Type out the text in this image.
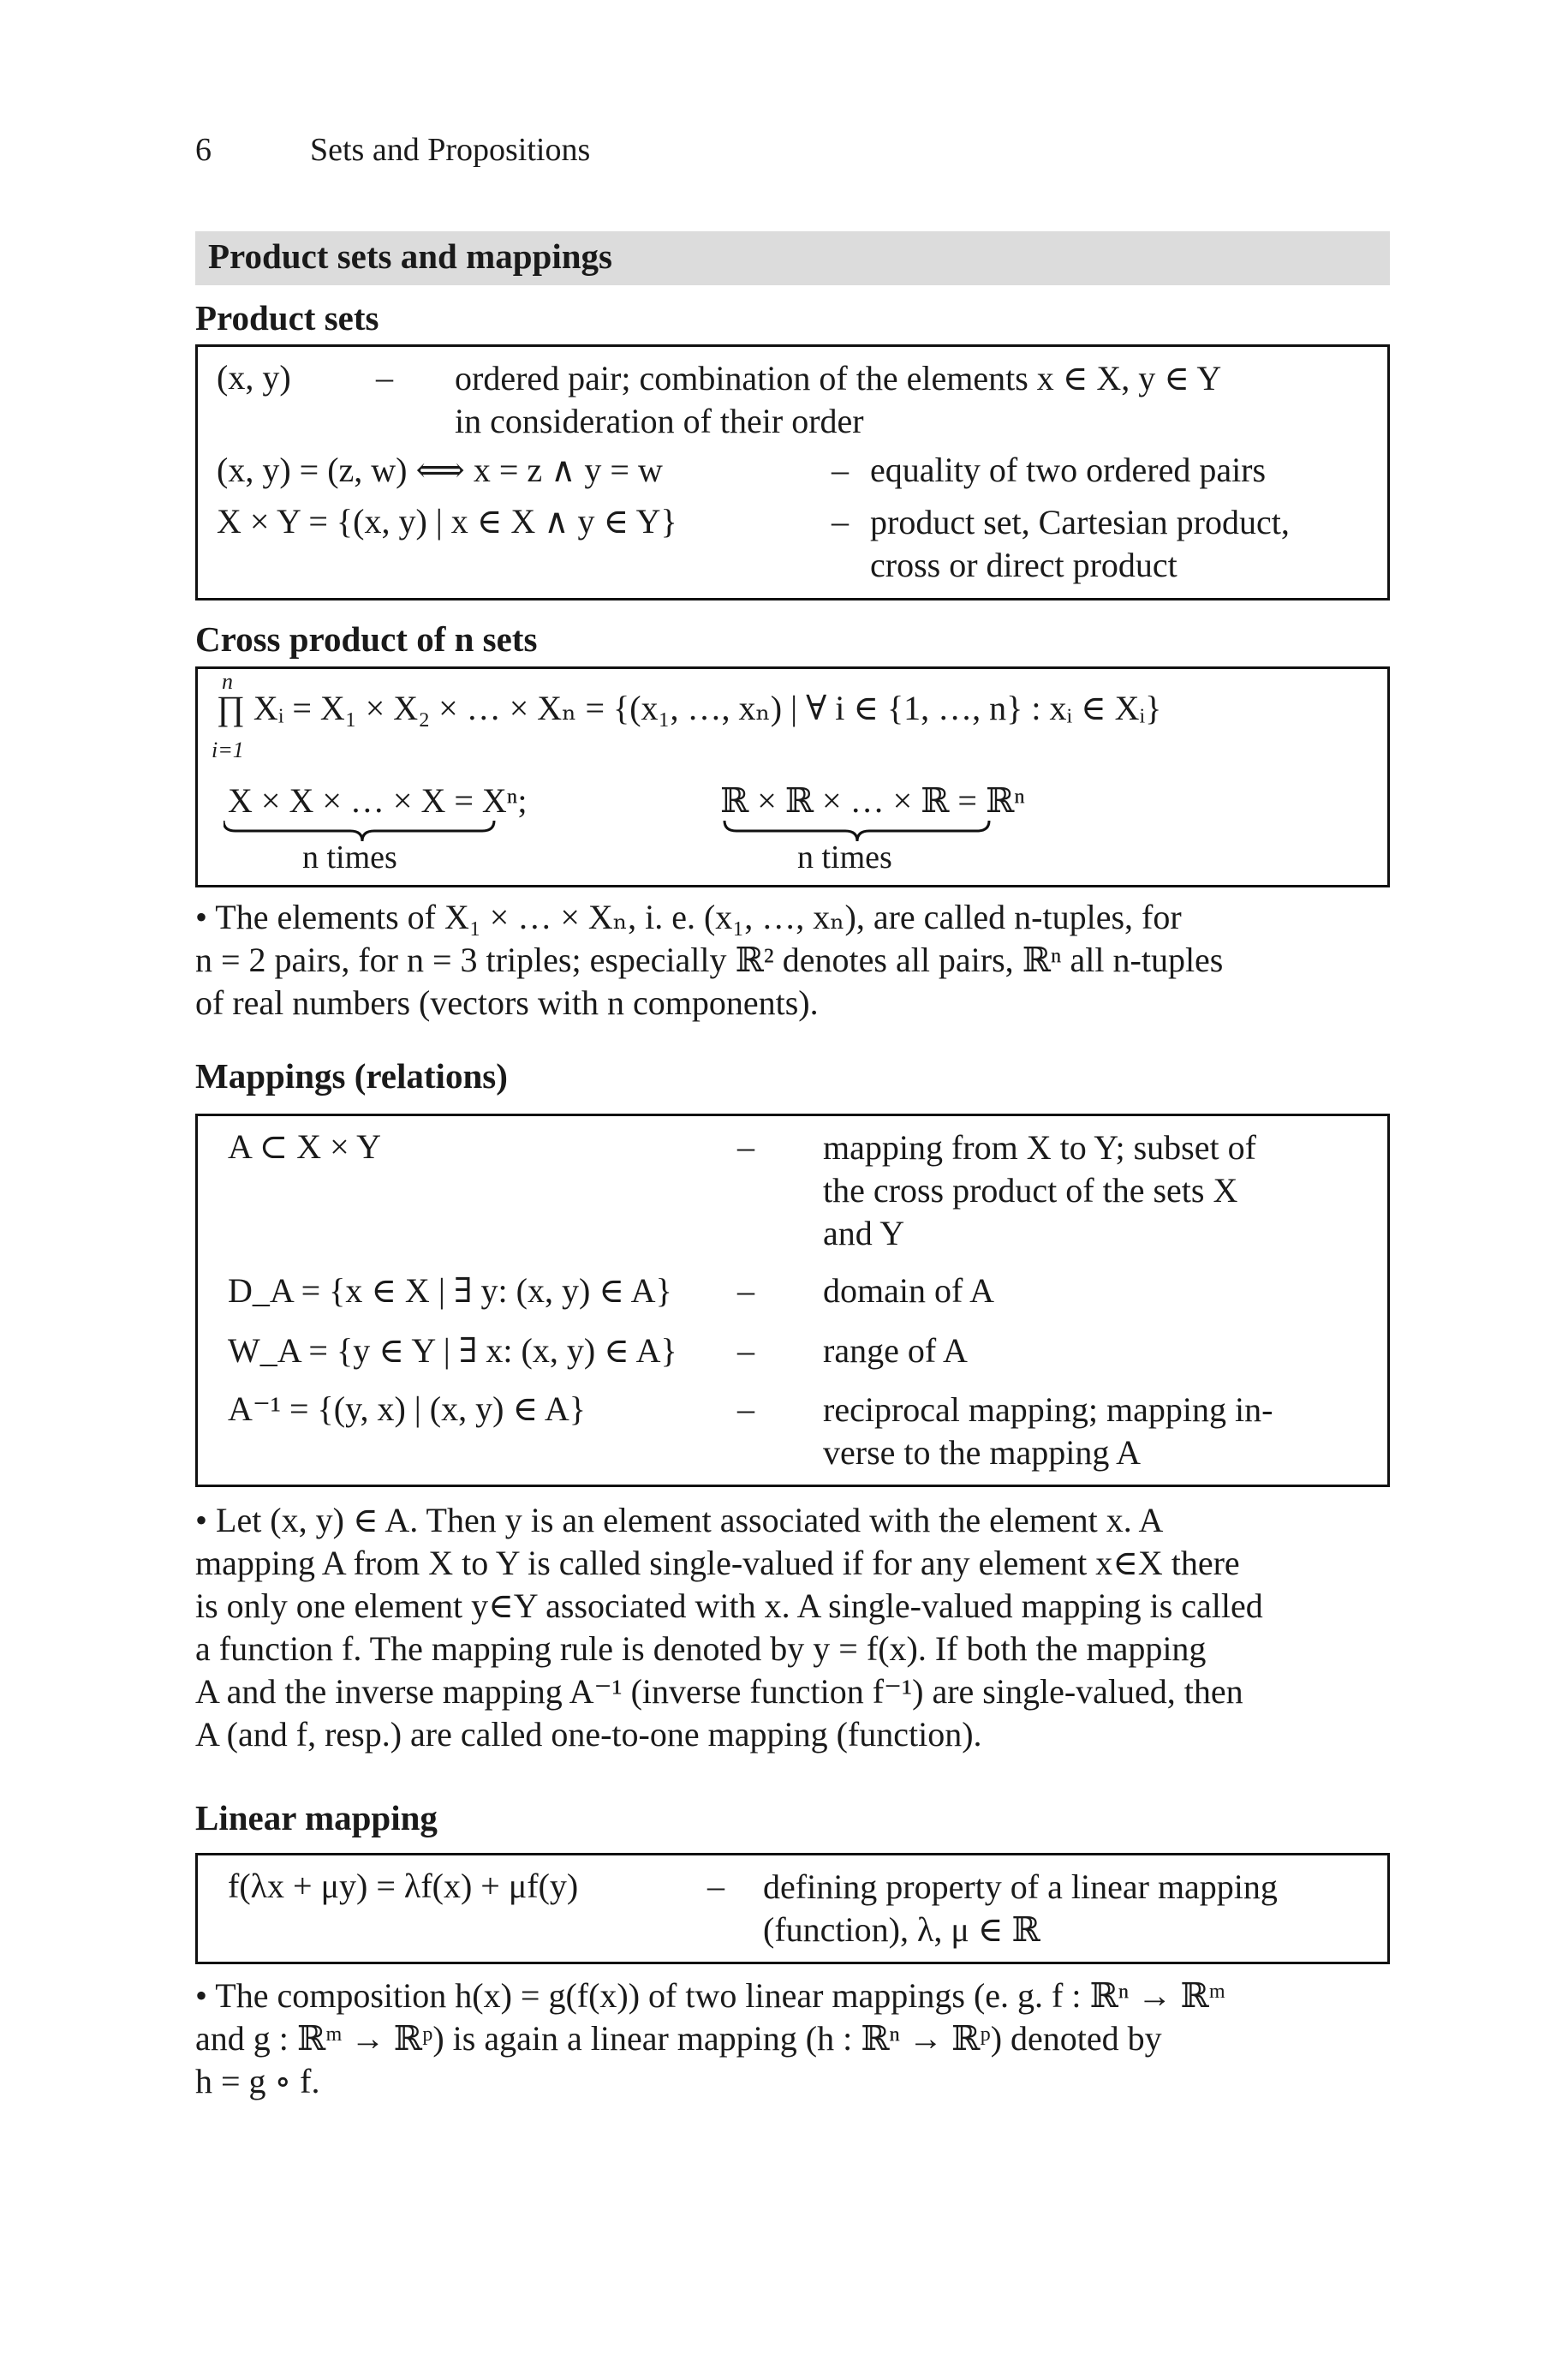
6	Sets and Propositions
Product sets and mappings
Product sets
(x, y) – ordered pair; combination of the elements x ∈ X, y ∈ Y
in consideration of their order
(x, y) = (z, w) ⟺ x = z ∧ y = w	– equality of two ordered pairs
X × Y = {(x, y) | x ∈ X ∧ y ∈ Y}	– product set, Cartesian product,
cross or direct product
Cross product of n sets
n
i=1
∏ Xᵢ = X₁ × X₂ × … × Xₙ = {(x₁, …, xₙ) | ∀ i ∈ {1, …, n} : xᵢ ∈ Xᵢ}
X × X × … × X = Xⁿ;	ℝ × ℝ × … × ℝ = ℝⁿ
n times	n times
• The elements of X₁ × … × Xₙ, i. e. (x₁, …, xₙ), are called n-tuples, for
n = 2 pairs, for n = 3 triples; especially ℝ² denotes all pairs, ℝⁿ all n-tuples
of real numbers (vectors with n components).
Mappings (relations)
A ⊂ X × Y	– mapping from X to Y; subset of
the cross product of the sets X
and Y
D_A = {x ∈ X | ∃ y: (x, y) ∈ A} – domain of A
W_A = {y ∈ Y | ∃ x: (x, y) ∈ A} – range of A
A⁻¹ = {(y, x) | (x, y) ∈ A}	– reciprocal mapping; mapping in-
verse to the mapping A
• Let (x, y) ∈ A. Then y is an element associated with the element x. A
mapping A from X to Y is called single-valued if for any element x∈X there
is only one element y∈Y associated with x. A single-valued mapping is called
a function f. The mapping rule is denoted by y = f(x). If both the mapping
A and the inverse mapping A⁻¹ (inverse function f⁻¹) are single-valued, then
A (and f, resp.) are called one-to-one mapping (function).
Linear mapping
f(λx + μy) = λf(x) + μf(y)	– defining property of a linear mapping
(function), λ, μ ∈ ℝ
• The composition h(x) = g(f(x)) of two linear mappings (e. g. f : ℝⁿ → ℝᵐ
and g : ℝᵐ → ℝᵖ) is again a linear mapping (h : ℝⁿ → ℝᵖ) denoted by
h = g ∘ f.
